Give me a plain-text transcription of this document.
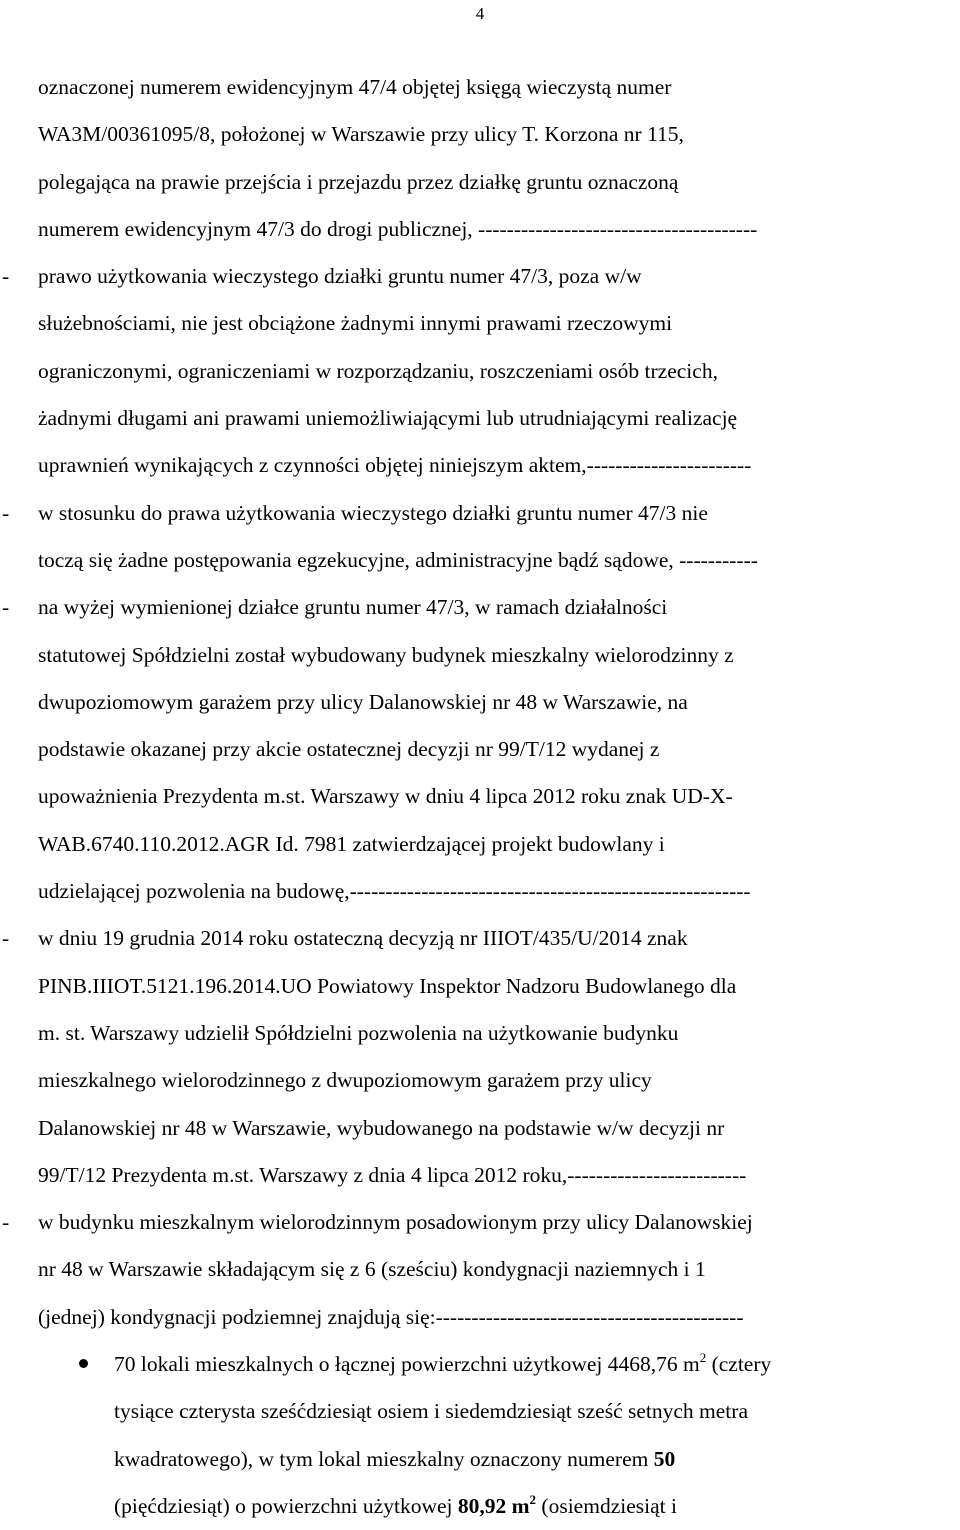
4
oznaczonej numerem ewidencyjnym 47/4 objętej księgą wieczystą numer
WA3M/00361095/8, położonej w Warszawie przy ulicy T. Korzona nr 115,
polegająca na prawie przejścia i przejazdu przez działkę gruntu oznaczoną
numerem ewidencyjnym 47/3 do drogi publicznej, ---------------------------------------
- prawo użytkowania wieczystego działki gruntu numer 47/3, poza w/w
służebnościami, nie jest obciążone żadnymi innymi prawami rzeczowymi
ograniczonymi, ograniczeniami w rozporządzaniu, roszczeniami osób trzecich,
żadnymi długami ani prawami uniemożliwiającymi lub utrudniającymi realizację
uprawnień wynikających z czynności objętej niniejszym aktem,-----------------------
- w stosunku do prawa użytkowania wieczystego działki gruntu numer 47/3 nie
toczą się żadne postępowania egzekucyjne, administracyjne bądź sądowe, -----------
- na wyżej wymienionej działce gruntu numer 47/3, w ramach działalności
statutowej Spółdzielni został wybudowany budynek mieszkalny wielorodzinny z
dwupoziomowym garażem przy ulicy Dalanowskiej nr 48 w Warszawie, na
podstawie okazanej przy akcie ostatecznej decyzji nr 99/T/12 wydanej z
upoważnienia Prezydenta m.st. Warszawy w dniu 4 lipca 2012 roku znak UD-X-
WAB.6740.110.2012.AGR Id. 7981 zatwierdzającej projekt budowlany i
udzielającej pozwolenia na budowę,--------------------------------------------------------
- w dniu 19 grudnia 2014 roku ostateczną decyzją nr IIIOT/435/U/2014 znak
PINB.IIIOT.5121.196.2014.UO Powiatowy Inspektor Nadzoru Budowlanego dla
m. st. Warszawy udzielił Spółdzielni pozwolenia na użytkowanie budynku
mieszkalnego wielorodzinnego z dwupoziomowym garażem przy ulicy
Dalanowskiej nr 48 w Warszawie, wybudowanego na podstawie w/w decyzji nr
99/T/12 Prezydenta m.st. Warszawy z dnia 4 lipca 2012 roku,-------------------------
- w budynku mieszkalnym wielorodzinnym posadowionym przy ulicy Dalanowskiej
nr 48 w Warszawie składającym się z 6 (sześciu) kondygnacji naziemnych i 1
(jednej) kondygnacji podziemnej znajdują się:-------------------------------------------
70 lokali mieszkalnych o łącznej powierzchni użytkowej 4468,76 $m^2$ (cztery
tysiące czterysta sześćdziesiąt osiem i siedemdziesiąt sześć setnych metra
kwadratowego), w tym lokal mieszkalny oznaczony numerem 50
(pięćdziesiąt) o powierzchni użytkowej 80,92 $m^2$ (osiemdziesiąt i
